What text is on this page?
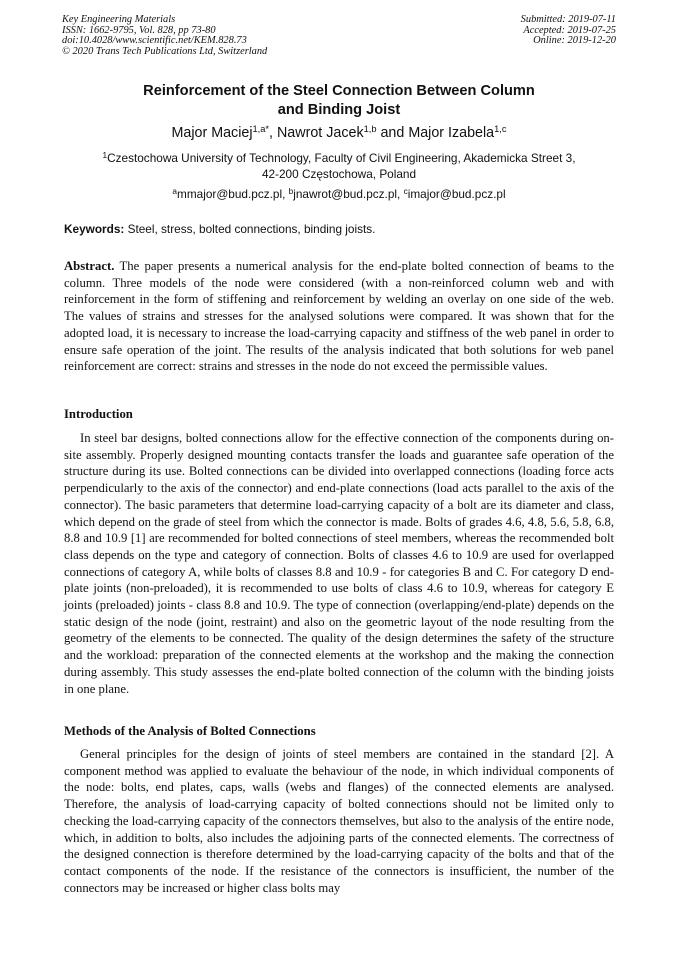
Key Engineering Materials
ISSN: 1662-9795, Vol. 828, pp 73-80
doi:10.4028/www.scientific.net/KEM.828.73
© 2020 Trans Tech Publications Ltd, Switzerland
Submitted: 2019-07-11
Accepted: 2019-07-25
Online: 2019-12-20
Reinforcement of the Steel Connection Between Column
and Binding Joist
Major Maciej$^{1,a*}$, Nawrot Jacek$^{1,b}$ and Major Izabela$^{1,c}$
$^1$Czestochowa University of Technology, Faculty of Civil Engineering, Akademicka Street 3,
42-200 Częstochowa, Poland
$^a$mmajor@bud.pcz.pl, $^b$jnawrot@bud.pcz.pl, $^c$imajor@bud.pcz.pl
Keywords: Steel, stress, bolted connections, binding joists.
Abstract. The paper presents a numerical analysis for the end-plate bolted connection of beams to the column. Three models of the node were considered (with a non-reinforced column web and with reinforcement in the form of stiffening and reinforcement by welding an overlay on one side of the web. The values of strains and stresses for the analysed solutions were compared. It was shown that for the adopted load, it is necessary to increase the load-carrying capacity and stiffness of the web panel in order to ensure safe operation of the joint. The results of the analysis indicated that both solutions for web panel reinforcement are correct: strains and stresses in the node do not exceed the permissible values.
Introduction
In steel bar designs, bolted connections allow for the effective connection of the components during on-site assembly. Properly designed mounting contacts transfer the loads and guarantee safe operation of the structure during its use. Bolted connections can be divided into overlapped connections (loading force acts perpendicularly to the axis of the connector) and end-plate connections (load acts parallel to the axis of the connector). The basic parameters that determine load-carrying capacity of a bolt are its diameter and class, which depend on the grade of steel from which the connector is made. Bolts of grades 4.6, 4.8, 5.6, 5.8, 6.8, 8.8 and 10.9 [1] are recommended for bolted connections of steel members, whereas the recommended bolt class depends on the type and category of connection. Bolts of classes 4.6 to 10.9 are used for overlapped connections of category A, while bolts of classes 8.8 and 10.9 - for categories B and C. For category D end-plate joints (non-preloaded), it is recommended to use bolts of class 4.6 to 10.9, whereas for category E joints (preloaded) joints - class 8.8 and 10.9. The type of connection (overlapping/end-plate) depends on the static design of the node (joint, restraint) and also on the geometric layout of the node resulting from the geometry of the elements to be connected. The quality of the design determines the safety of the structure and the workload: preparation of the connected elements at the workshop and the making the connection during assembly. This study assesses the end-plate bolted connection of the column with the binding joists in one plane.
Methods of the Analysis of Bolted Connections
General principles for the design of joints of steel members are contained in the standard [2]. A component method was applied to evaluate the behaviour of the node, in which individual components of the node: bolts, end plates, caps, walls (webs and flanges) of the connected elements are analysed. Therefore, the analysis of load-carrying capacity of bolted connections should not be limited only to checking the load-carrying capacity of the connectors themselves, but also to the analysis of the entire node, which, in addition to bolts, also includes the adjoining parts of the connected elements. The correctness of the designed connection is therefore determined by the load-carrying capacity of the bolts and that of the contact components of the node. If the resistance of the connectors is insufficient, the number of the connectors may be increased or higher class bolts may
